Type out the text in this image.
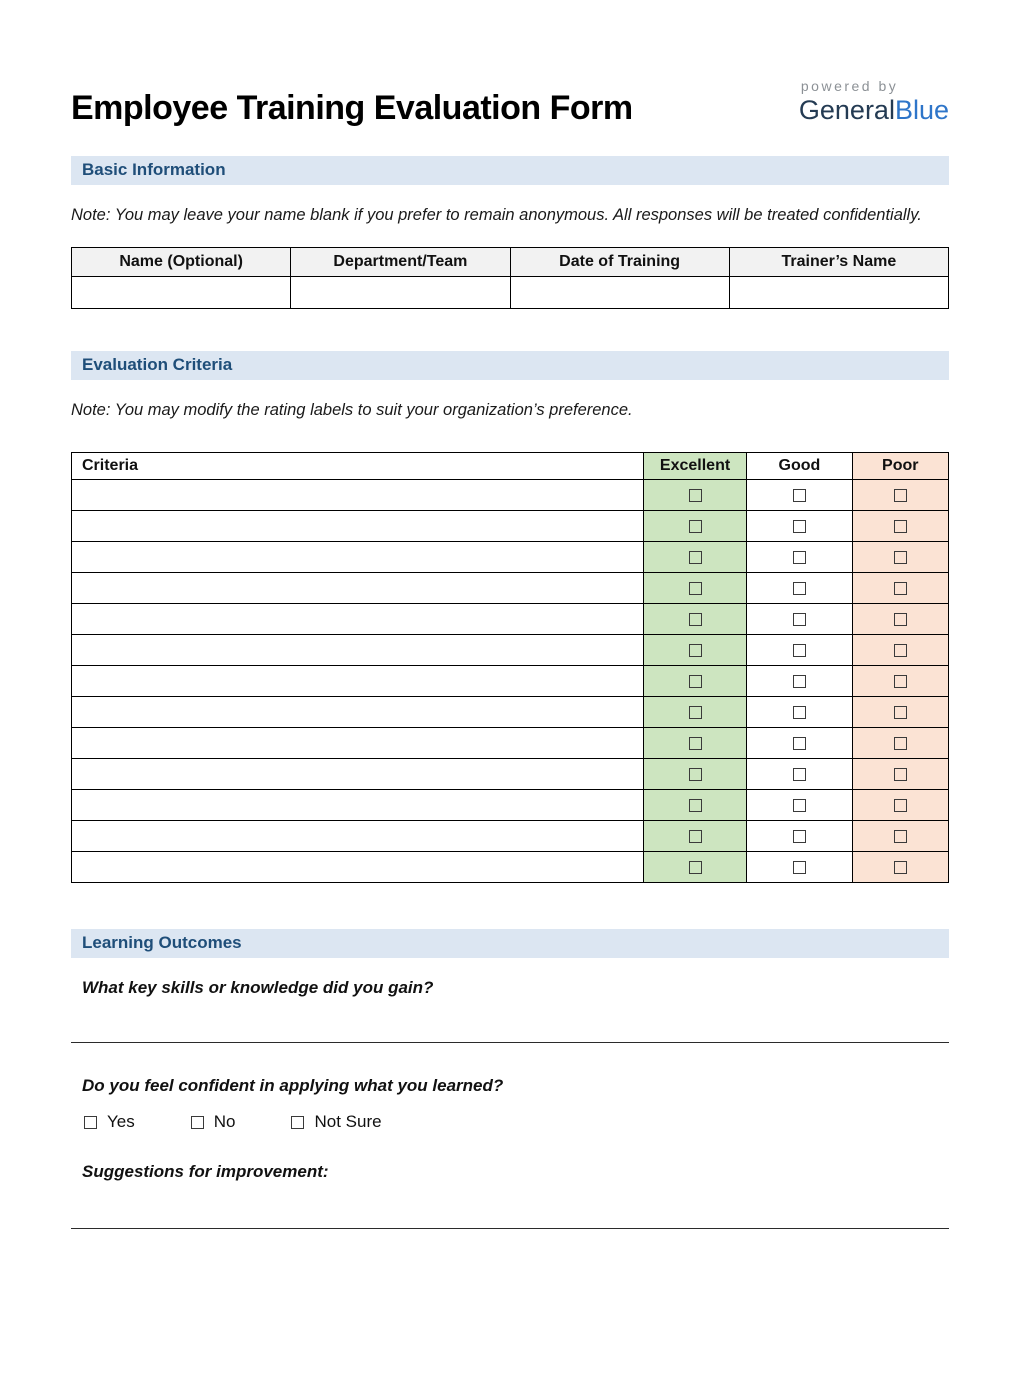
Employee Training Evaluation Form
powered by
GeneralBlue
Basic Information

Note: You may leave your name blank if you prefer to remain anonymous. All responses will be treated confidentially.

Name (Optional)	Department/Team	Date of Training	Trainer’s Name

Evaluation Criteria

Note: You may modify the rating labels to suit your organization’s preference.

Criteria	Excellent	Good	Poor

Learning Outcomes

What key skills or knowledge did you gain?

Do you feel confident in applying what you learned?

Yes	No	Not Sure

Suggestions for improvement:
